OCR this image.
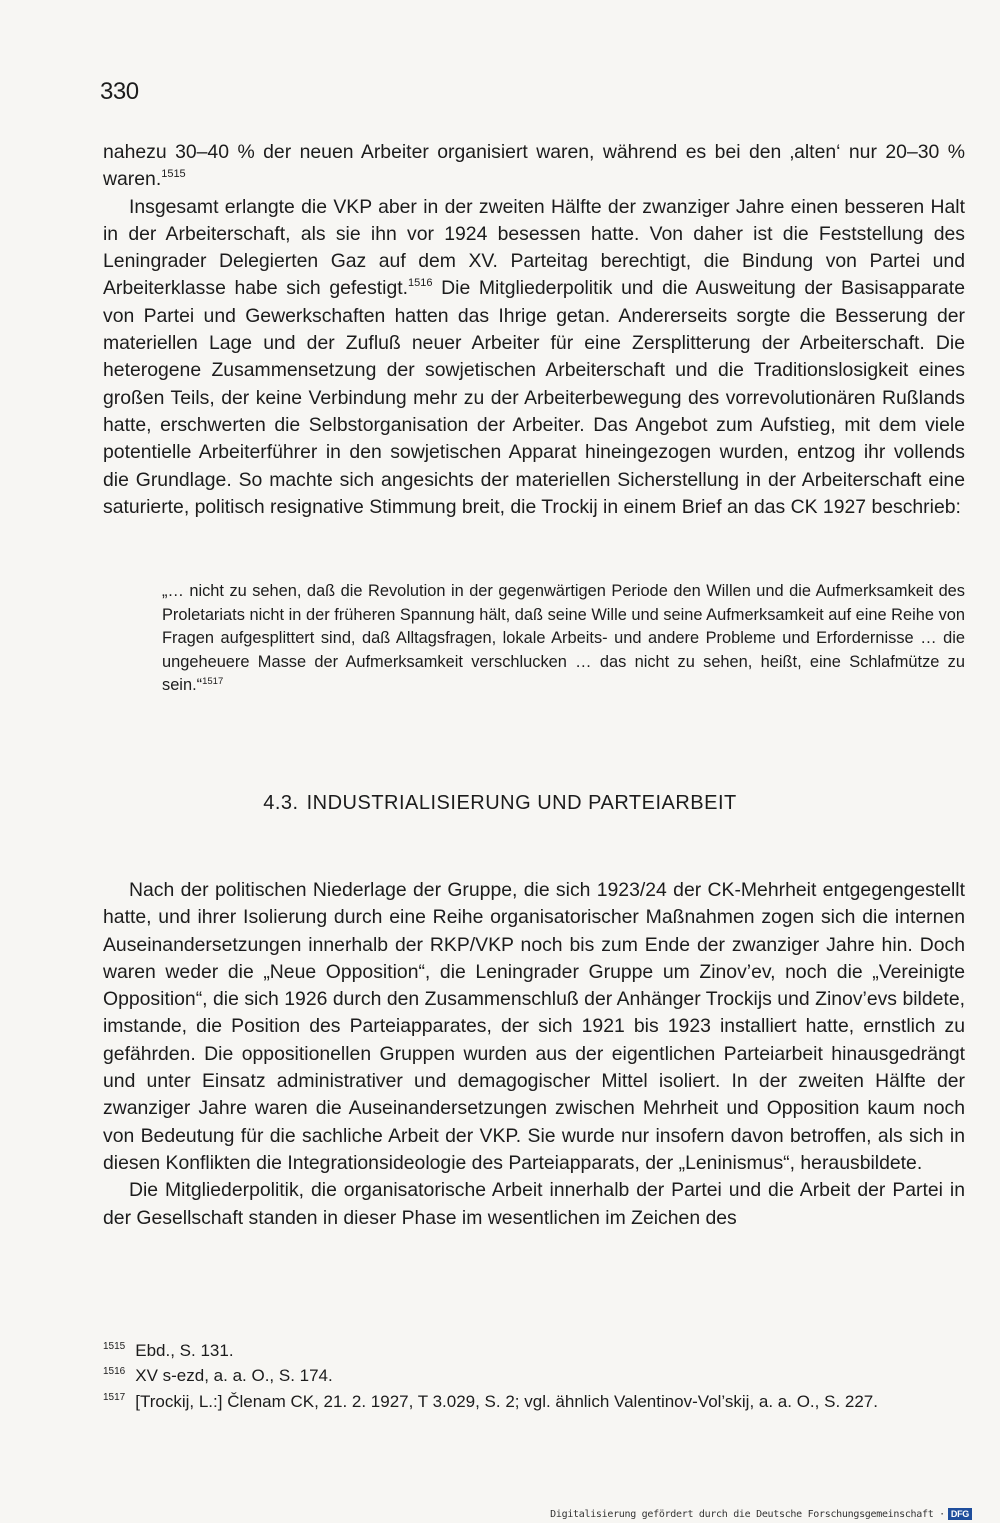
330

nahezu 30–40 % der neuen Arbeiter organisiert waren, während es bei den ‚alten‘ nur 20–30 % waren.$^{1515}$

Insgesamt erlangte die VKP aber in der zweiten Hälfte der zwanziger Jahre einen besseren Halt in der Arbeiterschaft, als sie ihn vor 1924 besessen hatte. Von daher ist die Feststellung des Leningrader Delegierten Gaz auf dem XV. Parteitag berechtigt, die Bindung von Partei und Arbeiterklasse habe sich gefestigt.$^{1516}$ Die Mitgliederpolitik und die Ausweitung der Basisapparate von Partei und Gewerkschaften hatten das Ihrige getan. Andererseits sorgte die Besserung der materiellen Lage und der Zufluß neuer Arbeiter für eine Zersplitterung der Arbeiterschaft. Die heterogene Zusammensetzung der sowjetischen Arbeiterschaft und die Traditionslosigkeit eines großen Teils, der keine Verbindung mehr zu der Arbeiterbewegung des vorrevolutionären Rußlands hatte, erschwerten die Selbstorganisation der Arbeiter. Das Angebot zum Aufstieg, mit dem viele potentielle Arbeiterführer in den sowjetischen Apparat hineingezogen wurden, entzog ihr vollends die Grundlage. So machte sich angesichts der materiellen Sicherstellung in der Arbeiterschaft eine saturierte, politisch resignative Stimmung breit, die Trockij in einem Brief an das CK 1927 beschrieb:

„… nicht zu sehen, daß die Revolution in der gegenwärtigen Periode den Willen und die Aufmerksamkeit des Proletariats nicht in der früheren Spannung hält, daß seine Wille und seine Aufmerksamkeit auf eine Reihe von Fragen aufgesplittert sind, daß Alltagsfragen, lokale Arbeits- und andere Probleme und Erfordernisse … die ungeheuere Masse der Aufmerksamkeit verschlucken … das nicht zu sehen, heißt, eine Schlafmütze zu sein.“$^{1517}$
4.3. INDUSTRIALISIERUNG UND PARTEIARBEIT

Nach der politischen Niederlage der Gruppe, die sich 1923/24 der CK-Mehrheit entgegengestellt hatte, und ihrer Isolierung durch eine Reihe organisatorischer Maßnahmen zogen sich die internen Auseinandersetzungen innerhalb der RKP/VKP noch bis zum Ende der zwanziger Jahre hin. Doch waren weder die „Neue Opposition“, die Leningrader Gruppe um Zinov’ev, noch die „Vereinigte Opposition“, die sich 1926 durch den Zusammenschluß der Anhänger Trockijs und Zinov’evs bildete, imstande, die Position des Parteiapparates, der sich 1921 bis 1923 installiert hatte, ernstlich zu gefährden. Die oppositionellen Gruppen wurden aus der eigentlichen Parteiarbeit hinausgedrängt und unter Einsatz administrativer und demagogischer Mittel isoliert. In der zweiten Hälfte der zwanziger Jahre waren die Auseinandersetzungen zwischen Mehrheit und Opposition kaum noch von Bedeutung für die sachliche Arbeit der VKP. Sie wurde nur insofern davon betroffen, als sich in diesen Konflikten die Integrationsideologie des Parteiapparats, der „Leninismus“, herausbildete.

Die Mitgliederpolitik, die organisatorische Arbeit innerhalb der Partei und die Arbeit der Partei in der Gesellschaft standen in dieser Phase im wesentlichen im Zeichen des

$^{1515}$ Ebd., S. 131.
$^{1516}$ XV s-ezd, a. a. O., S. 174.
$^{1517}$ [Trockij, L.:] Členam CK, 21. 2. 1927, T 3.029, S. 2; vgl. ähnlich Valentinov-Vol’skij, a. a. O., S. 227.
Digitalisierung gefördert durch die Deutsche Forschungsgemeinschaft · DFG
